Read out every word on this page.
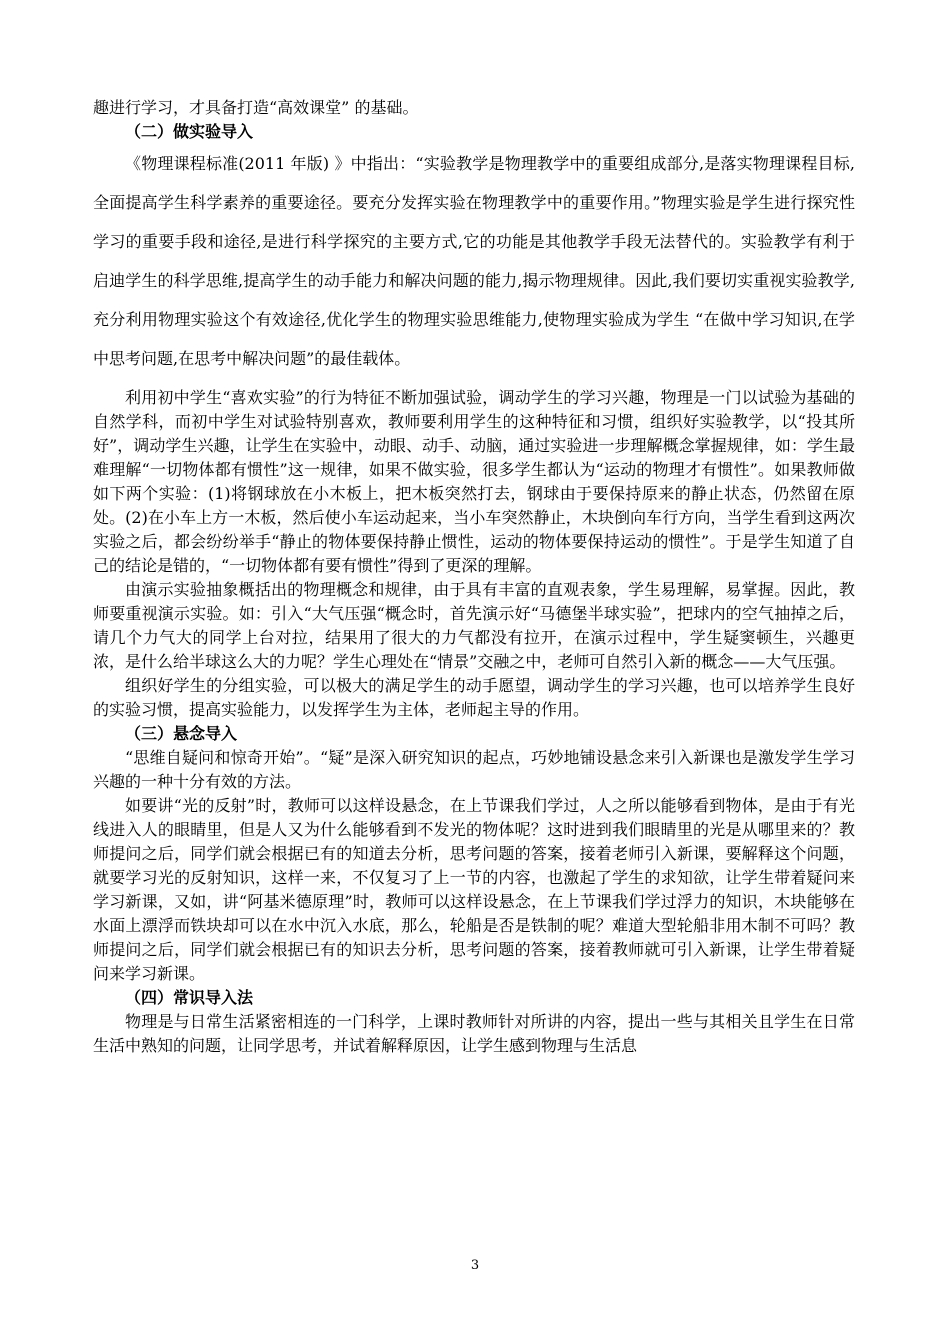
趣进行学习，才具备打造“高效课堂” 的基础。

（二）做实验导入

《物理课程标准(2011 年版) 》中指出：“实验教学是物理教学中的重要组成部分,是落实物理课程目标,全面提高学生科学素养的重要途径。要充分发挥实验在物理教学中的重要作用。”物理实验是学生进行探究性学习的重要手段和途径,是进行科学探究的主要方式,它的功能是其他教学手段无法替代的。实验教学有利于启迪学生的科学思维,提高学生的动手能力和解决问题的能力,揭示物理规律。因此,我们要切实重视实验教学,充分利用物理实验这个有效途径,优化学生的物理实验思维能力,使物理实验成为学生 “在做中学习知识,在学中思考问题,在思考中解决问题”的最佳载体。

利用初中学生“喜欢实验”的行为特征不断加强试验，调动学生的学习兴趣，物理是一门以试验为基础的自然学科，而初中学生对试验特别喜欢，教师要利用学生的这种特征和习惯，组织好实验教学，以“投其所好”，调动学生兴趣，让学生在实验中，动眼、动手、动脑，通过实验进一步理解概念掌握规律，如：学生最难理解“一切物体都有惯性”这一规律，如果不做实验，很多学生都认为“运动的物理才有惯性”。如果教师做如下两个实验：(1)将钢球放在小木板上，把木板突然打去，钢球由于要保持原来的静止状态，仍然留在原处。(2)在小车上方一木板，然后使小车运动起来，当小车突然静止，木块倒向车行方向，当学生看到这两次实验之后，都会纷纷举手“静止的物体要保持静止惯性，运动的物体要保持运动的惯性”。于是学生知道了自己的结论是错的，“一切物体都有要有惯性”得到了更深的理解。

由演示实验抽象概括出的物理概念和规律，由于具有丰富的直观表象，学生易理解，易掌握。因此，教师要重视演示实验。如：引入“大气压强“概念时，首先演示好“马德堡半球实验”，把球内的空气抽掉之后，请几个力气大的同学上台对拉，结果用了很大的力气都没有拉开，在演示过程中，学生疑窦顿生，兴趣更浓，是什么给半球这么大的力呢？学生心理处在“情景”交融之中，老师可自然引入新的概念——大气压强。

组织好学生的分组实验，可以极大的满足学生的动手愿望，调动学生的学习兴趣，也可以培养学生良好的实验习惯，提高实验能力，以发挥学生为主体，老师起主导的作用。

（三）悬念导入

“思维自疑问和惊奇开始”。“疑”是深入研究知识的起点，巧妙地铺设悬念来引入新课也是激发学生学习兴趣的一种十分有效的方法。

如要讲“光的反射”时，教师可以这样设悬念，在上节课我们学过，人之所以能够看到物体，是由于有光线进入人的眼睛里，但是人又为什么能够看到不发光的物体呢？这时进到我们眼睛里的光是从哪里来的？教师提问之后，同学们就会根据已有的知道去分析，思考问题的答案，接着老师引入新课，要解释这个问题，就要学习光的反射知识，这样一来，不仅复习了上一节的内容，也激起了学生的求知欲，让学生带着疑问来学习新课，又如，讲“阿基米德原理”时，教师可以这样设悬念，在上节课我们学过浮力的知识，木块能够在水面上漂浮而铁块却可以在水中沉入水底，那么，轮船是否是铁制的呢？难道大型轮船非用木制不可吗？教师提问之后，同学们就会根据已有的知识去分析，思考问题的答案，接着教师就可引入新课，让学生带着疑问来学习新课。

（四）常识导入法

物理是与日常生活紧密相连的一门科学，上课时教师针对所讲的内容，提出一些与其相关且学生在日常生活中熟知的问题，让同学思考，并试着解释原因，让学生感到物理与生活息

3
